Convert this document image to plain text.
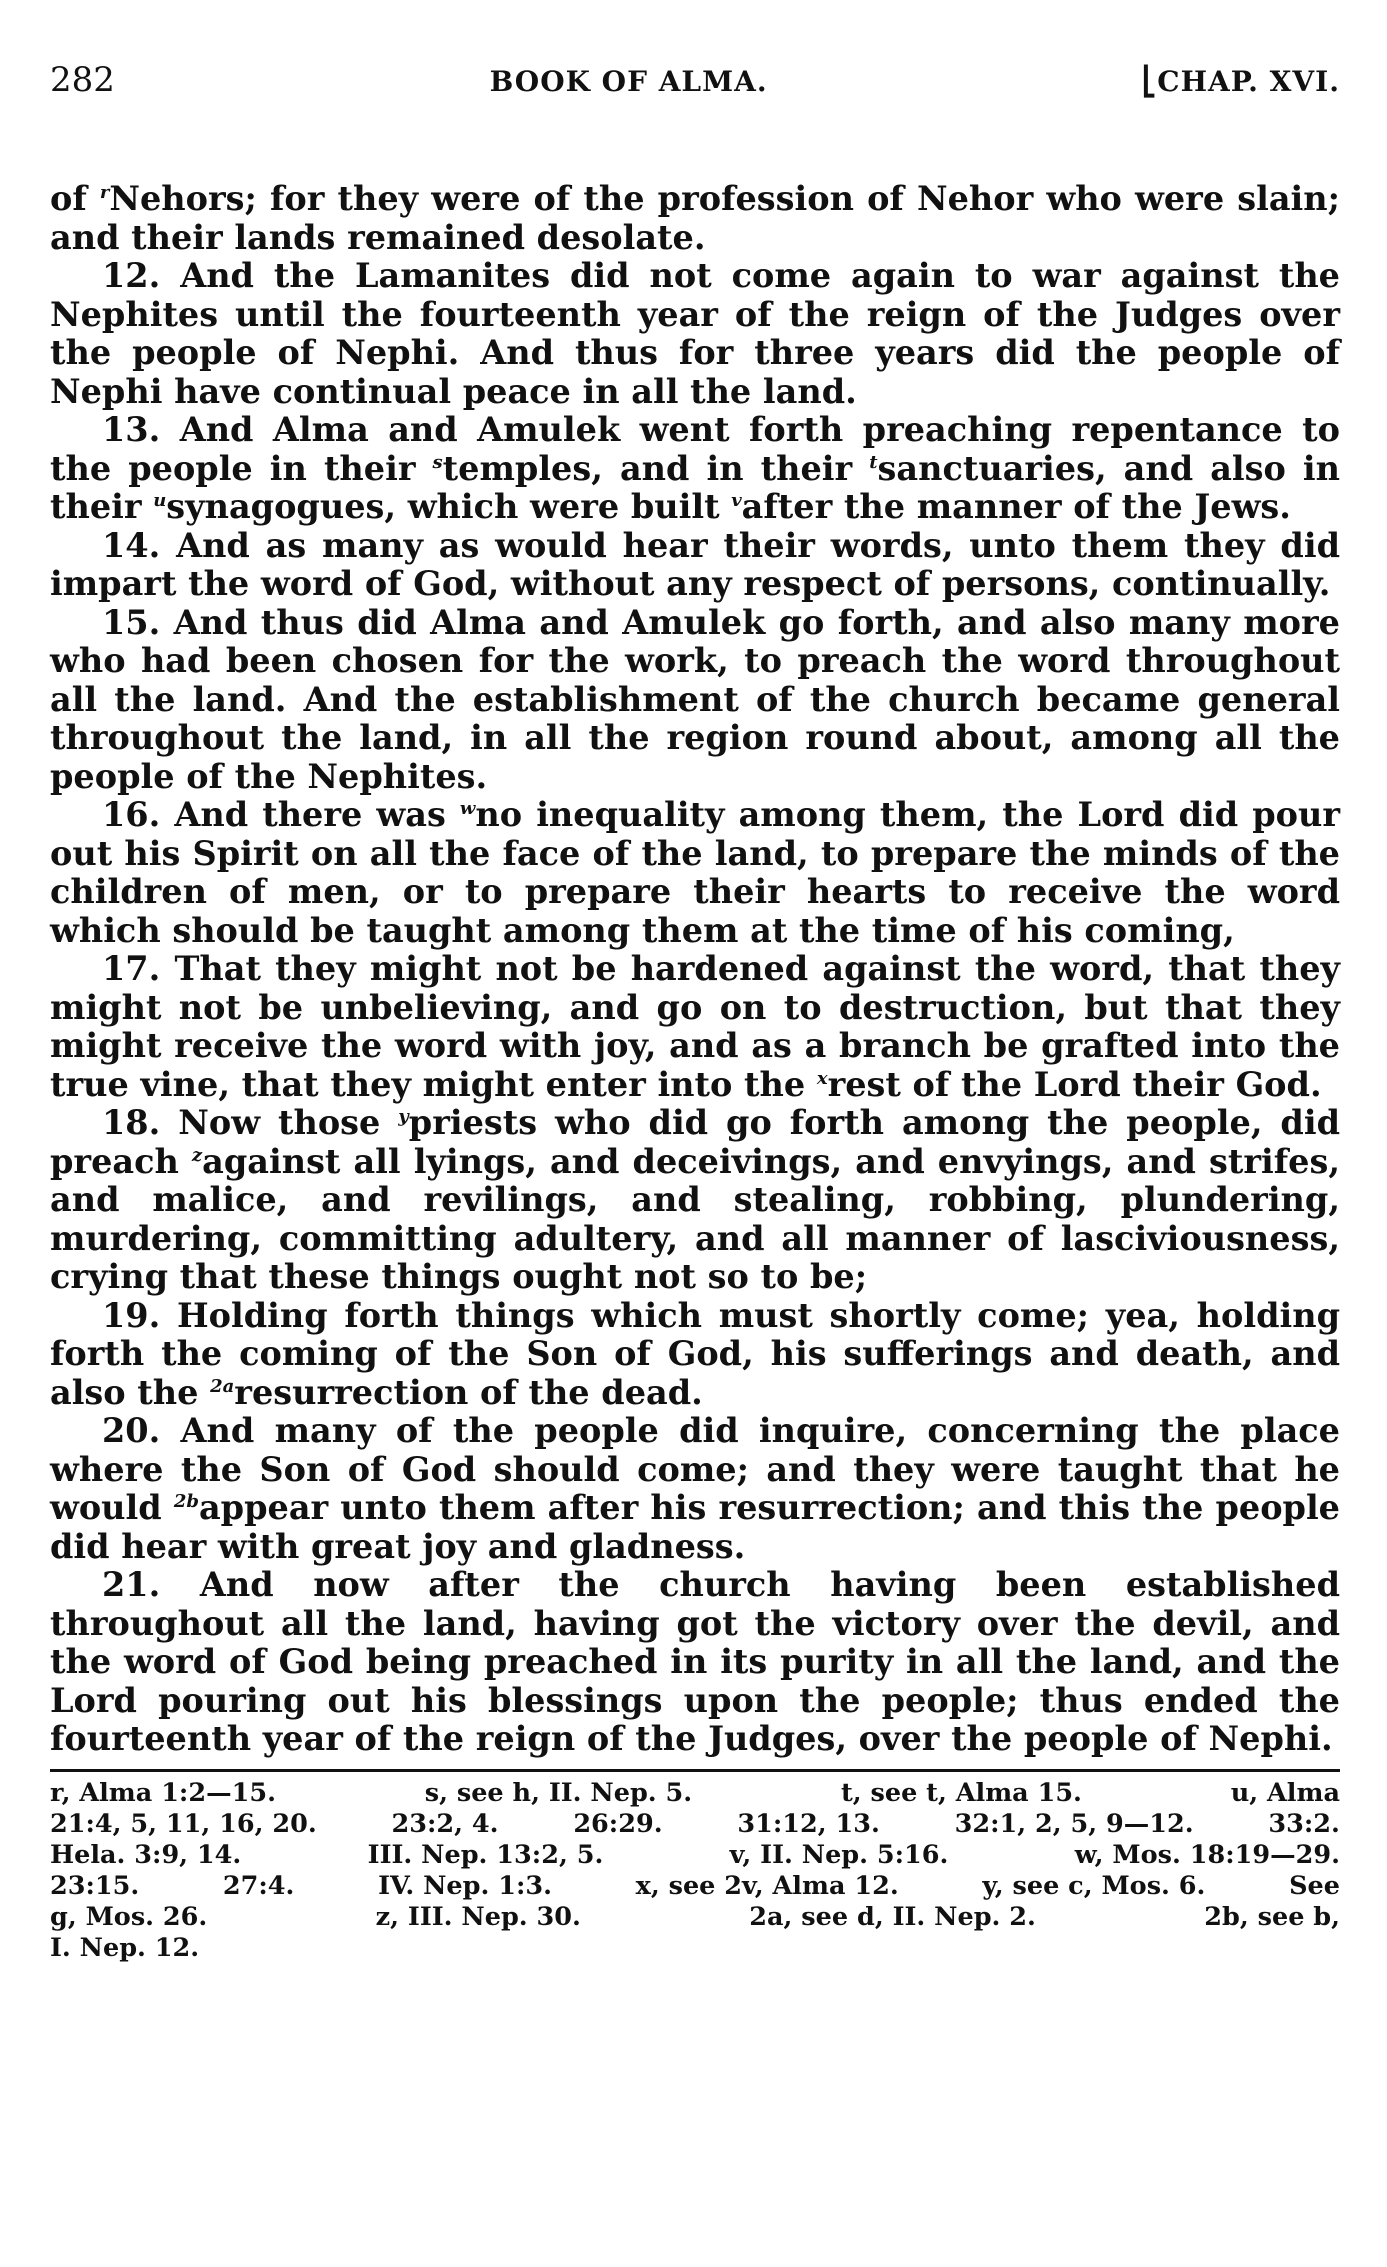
282	BOOK OF ALMA.	⎣CHAP. XVI.

of $^r$Nehors; for they were of the profession of Nehor who were slain; and their lands remained desolate.

12. And the Lamanites did not come again to war against the Nephites until the fourteenth year of the reign of the Judges over the people of Nephi. And thus for three years did the people of Nephi have continual peace in all the land.

13. And Alma and Amulek went forth preaching repentance to the people in their $^s$temples, and in their $^t$sanctuaries, and also in their $^u$synagogues, which were built $^v$after the manner of the Jews.

14. And as many as would hear their words, unto them they did impart the word of God, without any respect of persons, continually.

15. And thus did Alma and Amulek go forth, and also many more who had been chosen for the work, to preach the word throughout all the land. And the establishment of the church became general throughout the land, in all the region round about, among all the people of the Nephites.

16. And there was $^w$no inequality among them, the Lord did pour out his Spirit on all the face of the land, to prepare the minds of the children of men, or to prepare their hearts to receive the word which should be taught among them at the time of his coming,

17. That they might not be hardened against the word, that they might not be unbelieving, and go on to destruction, but that they might receive the word with joy, and as a branch be grafted into the true vine, that they might enter into the $^x$rest of the Lord their God.

18. Now those $^y$priests who did go forth among the people, did preach $^z$against all lyings, and deceivings, and envyings, and strifes, and malice, and revilings, and stealing, robbing, plundering, murdering, committing adultery, and all manner of lasciviousness, crying that these things ought not so to be;

19. Holding forth things which must shortly come; yea, holding forth the coming of the Son of God, his sufferings and death, and also the $^{2a}$resurrection of the dead.

20. And many of the people did inquire, concerning the place where the Son of God should come; and they were taught that he would $^{2b}$appear unto them after his resurrection; and this the people did hear with great joy and gladness.

21. And now after the church having been established throughout all the land, having got the victory over the devil, and the word of God being preached in its purity in all the land, and the Lord pouring out his blessings upon the people; thus ended the fourteenth year of the reign of the Judges, over the people of Nephi.

r, Alma 1:2—15.	s, see h, II. Nep. 5.	t, see t, Alma 15.	u, Alma
21:4, 5, 11, 16, 20.	23:2, 4.	26:29.	31:12, 13.	32:1, 2, 5, 9—12.	33:2.
Hela. 3:9, 14.	III. Nep. 13:2, 5.	v, II. Nep. 5:16.	w, Mos. 18:19—29.
23:15.	27:4.	IV. Nep. 1:3.	x, see 2v, Alma 12.	y, see c, Mos. 6.	See
g, Mos. 26.	z, III. Nep. 30.	2a, see d, II. Nep. 2.	2b, see b,
I. Nep. 12.
